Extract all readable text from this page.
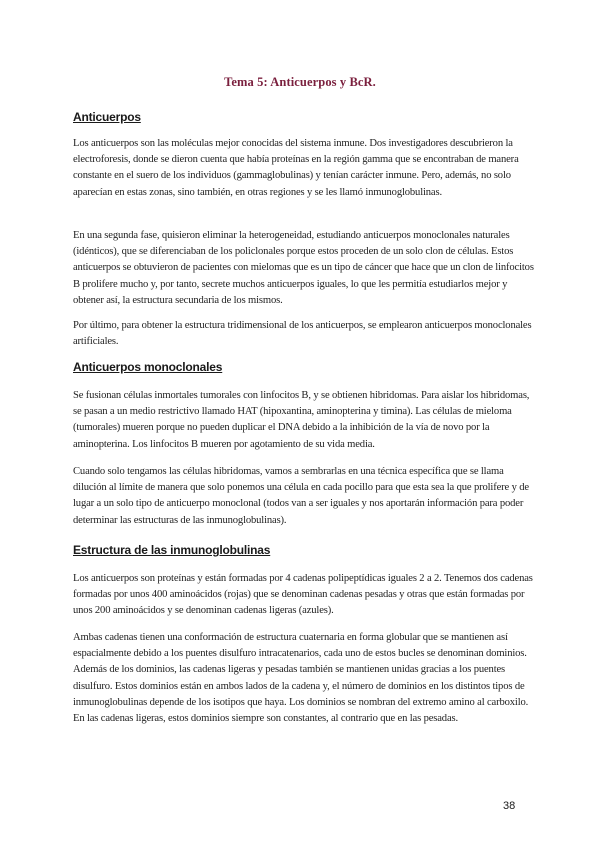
Tema 5: Anticuerpos y BcR.
Anticuerpos

Los anticuerpos son las moléculas mejor conocidas del sistema inmune. Dos investigadores descubrieron la electroforesis, donde se dieron cuenta que había proteínas en la región gamma que se encontraban de manera constante en el suero de los individuos (gammaglobulinas) y tenían carácter inmune. Pero, además, no solo aparecían en estas zonas, sino también, en otras regiones y se les llamó inmunoglobulinas.

En una segunda fase, quisieron eliminar la heterogeneidad, estudiando anticuerpos monoclonales naturales (idénticos), que se diferenciaban de los policlonales porque estos proceden de un solo clon de células. Estos anticuerpos se obtuvieron de pacientes con mielomas que es un tipo de cáncer que hace que un clon de linfocitos B prolifere mucho y, por tanto, secrete muchos anticuerpos iguales, lo que les permitía estudiarlos mejor y obtener así, la estructura secundaria de los mismos.

Por último, para obtener la estructura tridimensional de los anticuerpos, se emplearon anticuerpos monoclonales artificiales.

Anticuerpos monoclonales

Se fusionan células inmortales tumorales con linfocitos B, y se obtienen hibridomas. Para aislar los hibridomas, se pasan a un medio restrictivo llamado HAT (hipoxantina, aminopterina y timina). Las células de mieloma (tumorales) mueren porque no pueden duplicar el DNA debido a la inhibición de la vía de novo por la aminopterina. Los linfocitos B mueren por agotamiento de su vida media.

Cuando solo tengamos las células hibridomas, vamos a sembrarlas en una técnica específica que se llama dilución al límite de manera que solo ponemos una célula en cada pocillo para que esta sea la que prolifere y de lugar a un solo tipo de anticuerpo monoclonal (todos van a ser iguales y nos aportarán información para poder determinar las estructuras de las inmunoglobulinas).

Estructura de las inmunoglobulinas

Los anticuerpos son proteínas y están formadas por 4 cadenas polipeptídicas iguales 2 a 2. Tenemos dos cadenas formadas por unos 400 aminoácidos (rojas) que se denominan cadenas pesadas y otras que están formadas por unos 200 aminoácidos y se denominan cadenas ligeras (azules).

Ambas cadenas tienen una conformación de estructura cuaternaria en forma globular que se mantienen así espacialmente debido a los puentes disulfuro intracatenarios, cada uno de estos bucles se denominan dominios. Además de los dominios, las cadenas ligeras y pesadas también se mantienen unidas gracias a los puentes disulfuro. Estos dominios están en ambos lados de la cadena y, el número de dominios en los distintos tipos de inmunoglobulinas depende de los isotipos que haya. Los dominios se nombran del extremo amino al carboxilo. En las cadenas ligeras, estos dominios siempre son constantes, al contrario que en las pesadas.

38
